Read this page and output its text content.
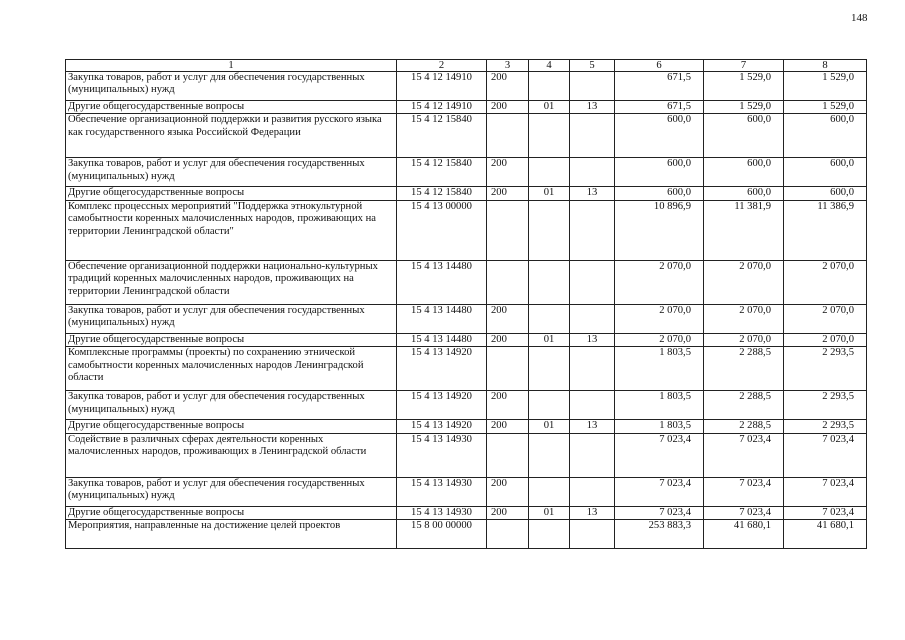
148
1	2	3	4	5	6	7	8
Закупка товаров, работ и услуг для обеспечения государственных (муниципальных) нужд	15 4 12 14910	200			671,5	1 529,0	1 529,0
Другие общегосударственные вопросы	15 4 12 14910	200	01	13	671,5	1 529,0	1 529,0
Обеспечение организационной поддержки и развития русского языка как государственного языка Российской Федерации	15 4 12 15840				600,0	600,0	600,0
Закупка товаров, работ и услуг для обеспечения государственных (муниципальных) нужд	15 4 12 15840	200			600,0	600,0	600,0
Другие общегосударственные вопросы	15 4 12 15840	200	01	13	600,0	600,0	600,0
Комплекс процессных мероприятий "Поддержка этнокультурной самобытности коренных малочисленных народов, проживающих на территории Ленинградской области"	15 4 13 00000				10 896,9	11 381,9	11 386,9
Обеспечение организационной поддержки национально-культурных традиций коренных малочисленных народов, проживающих на территории Ленинградской области	15 4 13 14480				2 070,0	2 070,0	2 070,0
Закупка товаров, работ и услуг для обеспечения государственных (муниципальных) нужд	15 4 13 14480	200			2 070,0	2 070,0	2 070,0
Другие общегосударственные вопросы	15 4 13 14480	200	01	13	2 070,0	2 070,0	2 070,0
Комплексные программы (проекты) по сохранению этнической самобытности коренных малочисленных народов Ленинградской области	15 4 13 14920				1 803,5	2 288,5	2 293,5
Закупка товаров, работ и услуг для обеспечения государственных (муниципальных) нужд	15 4 13 14920	200			1 803,5	2 288,5	2 293,5
Другие общегосударственные вопросы	15 4 13 14920	200	01	13	1 803,5	2 288,5	2 293,5
Содействие в различных сферах деятельности коренных малочисленных народов, проживающих в Ленинградской области	15 4 13 14930				7 023,4	7 023,4	7 023,4
Закупка товаров, работ и услуг для обеспечения государственных (муниципальных) нужд	15 4 13 14930	200			7 023,4	7 023,4	7 023,4
Другие общегосударственные вопросы	15 4 13 14930	200	01	13	7 023,4	7 023,4	7 023,4
Мероприятия, направленные на достижение целей проектов	15 8 00 00000				253 883,3	41 680,1	41 680,1
